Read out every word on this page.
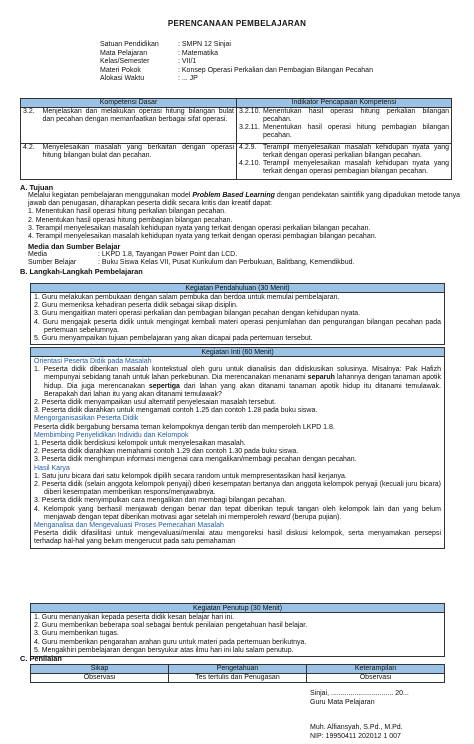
PERENCANAAN PEMBELAJARAN
Satuan Pendidikan	: SMPN 12 Sinjai
Mata Pelajaran	: Matematika
Kelas/Semester	: VII/1
Materi Pokok	: Konsep Operasi Perkalian dan Pembagian Bilangan Pecahan
Alokasi Waktu	: ... JP
Kompetensi Dasar		Indikator Pencapaian Kompetensi
3.2.	Menjelaskan dan melakukan operasi hitung bilangan bulat dan pecahan dengan memanfaatkan berbagai sifat operasi.	3.2.10. Menentukan hasil operasi hitung perkalian bilangan pecahan.
3.2.11. Menentukan hasil operasi hitung pembagian bilangan pecahan.

4.2.	Menyelesaikan masalah yang berkaitan dengan operasi hitung bilangan bulat dan pecahan.	4.2.9. Terampil menyelesaikan masalah kehidupan nyata yang terkait dengan operasi perkalian bilangan pecahan.
4.2.10. Terampil menyelesaikan masalah kehidupan nyata yang terkait dengan operasi pembagian bilangan pecahan.
A. Tujuan

Melalui kegiatan pembelajaran menggunakan model Problem Based Learning dengan pendekatan saintifik yang dipadukan metode tanya jawab dan penugasan, diharapkan peserta didik secara kritis dan kreatif dapat:

1. Menentukan hasil operasi hitung perkalian bilangan pecahan.
2. Menentukan hasil operasi hitung pembagian bilangan pecahan.
3. Terampil menyelesaikan masalah kehidupan nyata yang terkait dengan operasi perkalian bilangan pecahan.
4. Terampil menyelesaikan masalah kehidupan nyata yang terkait dengan operasi pembagian bilangan pecahan.
Media dan Sumber Belajar
Media	: LKPD 1.8, Tayangan Power Point dan LCD.
Sumber Belajar	: Buku Siswa Kelas VII, Pusat Kurikulum dan Perbukuan, Balitbang, Kemendikbud.
B. Langkah-Langkah Pembelajaran
Kegiatan Pendahuluan (30 Menit)

1. Guru melakukan pembukaan dengan salam pembuka dan berdoa untuk memulai pembelajaran.

2. Guru memeriksa kehadiran peserta didik sebagai sikap disiplin.

3. Guru mengaitkan materi operasi perkalian dan pembagian bilangan pecahan dengan kehidupan nyata.

4. Guru mengajak peserta didik untuk mengingat kembali materi operasi penjumlahan dan pengurangan bilangan pecahan pada pertemuan sebelumnya.

5. Guru menyampaikan tujuan pembelajaran yang akan dicapai pada pertemuan tersebut.

Kegiatan Inti (60 Menit)

Orientasi Peserta Didik pada Masalah

1. Peserta didik diberikan masalah kontekstual oleh guru untuk dianalisis dan didiskusikan solusinya. Misalnya: Pak Hafizh mempunyai sebidang tanah untuk lahan perkebunan. Dia merencanakan menanami separuh lahannya dengan tanaman apotik hidup. Dia juga merencanakan sepertiga dari lahan yang akan ditanami tanaman apotik hidup itu ditanami temulawak. Berapakah dari lahan itu yang akan ditanami temulawak?

2. Peserta didik menyampaikan usul alternatif penyelesaian masalah tersebut.

3. Peserta didik diarahkan untuk mengamati contoh 1.25 dan contoh 1.28 pada buku siswa.

Mengorganisasikan Peserta Didik

Peserta didik bergabung bersama teman kelompoknya dengan tertib dan memperoleh LKPD 1.8.

Membimbing Penyelidikan Individu dan Kelompok

1. Peserta didik berdiskusi kelompok untuk menyelesaikan masalah.

2. Peserta didik diarahkan memahami contoh 1.29 dan contoh 1.30 pada buku siswa.

3. Peserta didik menghimpun informasi mengenai cara mengalikan/membagi pecahan dengan pecahan.

Hasil Karya

1. Satu juru bicara dari satu kelompok dipilih secara random untuk mempresentasikan hasil kerjanya.

2. Peserta didik (selain anggota kelompok penyaji) diberi kesempatan bertanya dan anggota kelompok penyaji (kecuali juru bicara) diberi kesempatan memberikan respons/menjawabnya.

3. Peserta didik menyimpulkan cara mengalikan dan membagi bilangan pecahan.

4. Kelompok yang berhasil menjawab dengan benar dan tepat diberikan tepuk tangan oleh kelompok lain dan yang belum menjawab dengan tepat diberikan motivasi agar setelah ini memperoleh reward (berupa pujian).

Menganalisa dan Mengevaluasi Proses Pemecahan Masalah

Peserta didik difasilitasi untuk mengevaluasi/menilai atau mengoreksi hasil diskusi kelompok, serta menyamakan persepsi terhadap hal-hal yang belum mengerucut pada satu pemahaman

Kegiatan Penutup (30 Menit)

1. Guru menanyakan kepada peserta didik kesan belajar hari ini.

2. Guru memberikan beberapa soal sebagai bentuk penilaian pengetahuan hasil belajar.

3. Guru memberikan tugas.

4. Guru memberikan pengarahan arahan guru untuk materi pada pertemuan berikutnya.

5. Mengakhiri pembelajaran dengan bersyukur atas ilmu hari ini lalu salam penutup.

C. Penilaian
Sikap	Pengetahuan	Keterampilan
Observasi	Tes tertulis dan Penugasan	Observasi
Sinjai, ................................ 20...
Guru Mata Pelajaran
Muh. Alfiansyah, S.Pd., M.Pd.
NIP: 19950411 202012 1 007
